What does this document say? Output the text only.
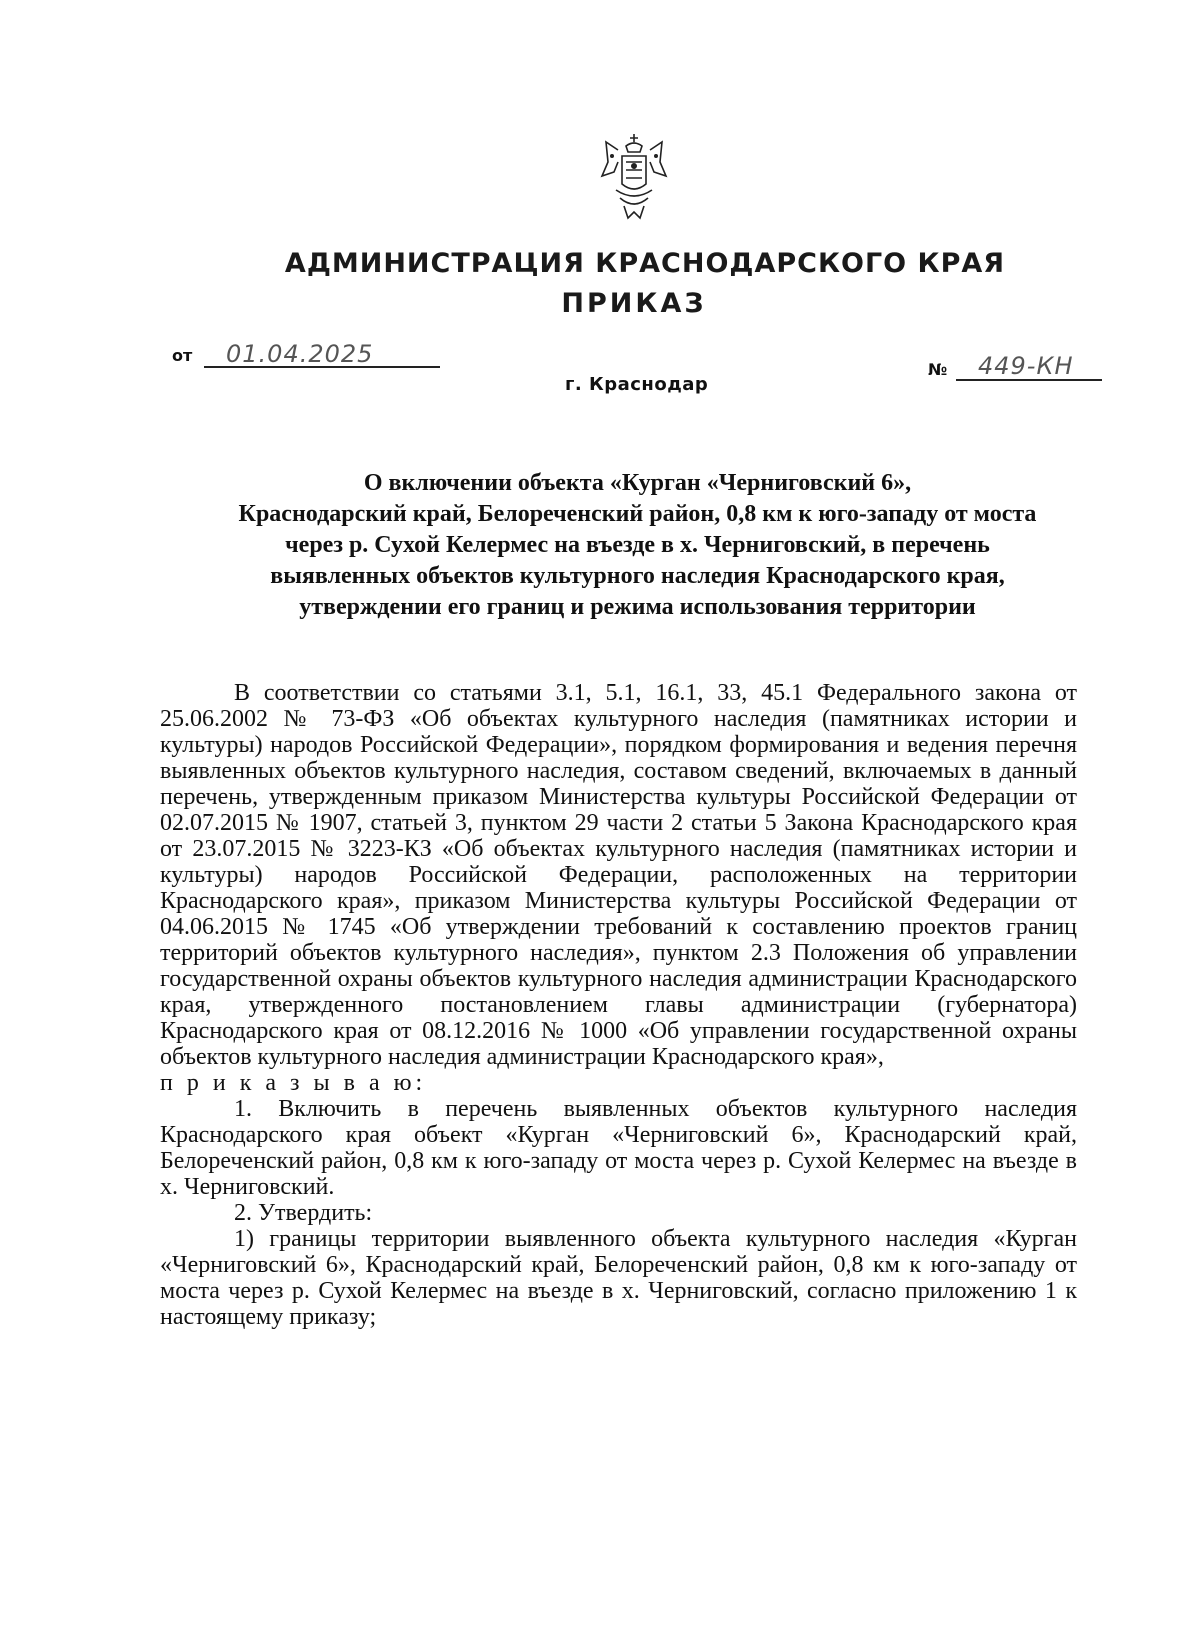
АДМИНИСТРАЦИЯ КРАСНОДАРСКОГО КРАЯ
ПРИКАЗ
от 01.04.2025
№ 449-КН
г. Краснодар
О включении объекта «Курган «Черниговский 6»,
Краснодарский край, Белореченский район, 0,8 км к юго-западу от моста
через р. Сухой Келермес на въезде в х. Черниговский, в перечень
выявленных объектов культурного наследия Краснодарского края,
утверждении его границ и режима использования территории

В соответствии со статьями 3.1, 5.1, 16.1, 33, 45.1 Федерального закона от 25.06.2002 № 73-ФЗ «Об объектах культурного наследия (памятниках истории и культуры) народов Российской Федерации», порядком формирования и ведения перечня выявленных объектов культурного наследия, составом сведений, включаемых в данный перечень, утвержденным приказом Министерства культуры Российской Федерации от 02.07.2015 № 1907, статьей 3, пунктом 29 части 2 статьи 5 Закона Краснодарского края от 23.07.2015 № 3223-КЗ «Об объектах культурного наследия (памятниках истории и культуры) народов Российской Федерации, расположенных на территории Краснодарского края», приказом Министерства культуры Российской Федерации от 04.06.2015 № 1745 «Об утверждении требований к составлению проектов границ территорий объектов культурного наследия», пунктом 2.3 Положения об управлении государственной охраны объектов культурного наследия администрации Краснодарского края, утвержденного постановлением главы администрации (губернатора) Краснодарского края от 08.12.2016 № 1000 «Об управлении государственной охраны объектов культурного наследия администрации Краснодарского края»,

п р и к а з ы в а ю:

1. Включить в перечень выявленных объектов культурного наследия Краснодарского края объект «Курган «Черниговский 6», Краснодарский край, Белореченский район, 0,8 км к юго-западу от моста через р. Сухой Келермес на въезде в х. Черниговский.

2. Утвердить:

1) границы территории выявленного объекта культурного наследия «Курган «Черниговский 6», Краснодарский край, Белореченский район, 0,8 км к юго-западу от моста через р. Сухой Келермес на въезде в х. Черниговский, согласно приложению 1 к настоящему приказу;
